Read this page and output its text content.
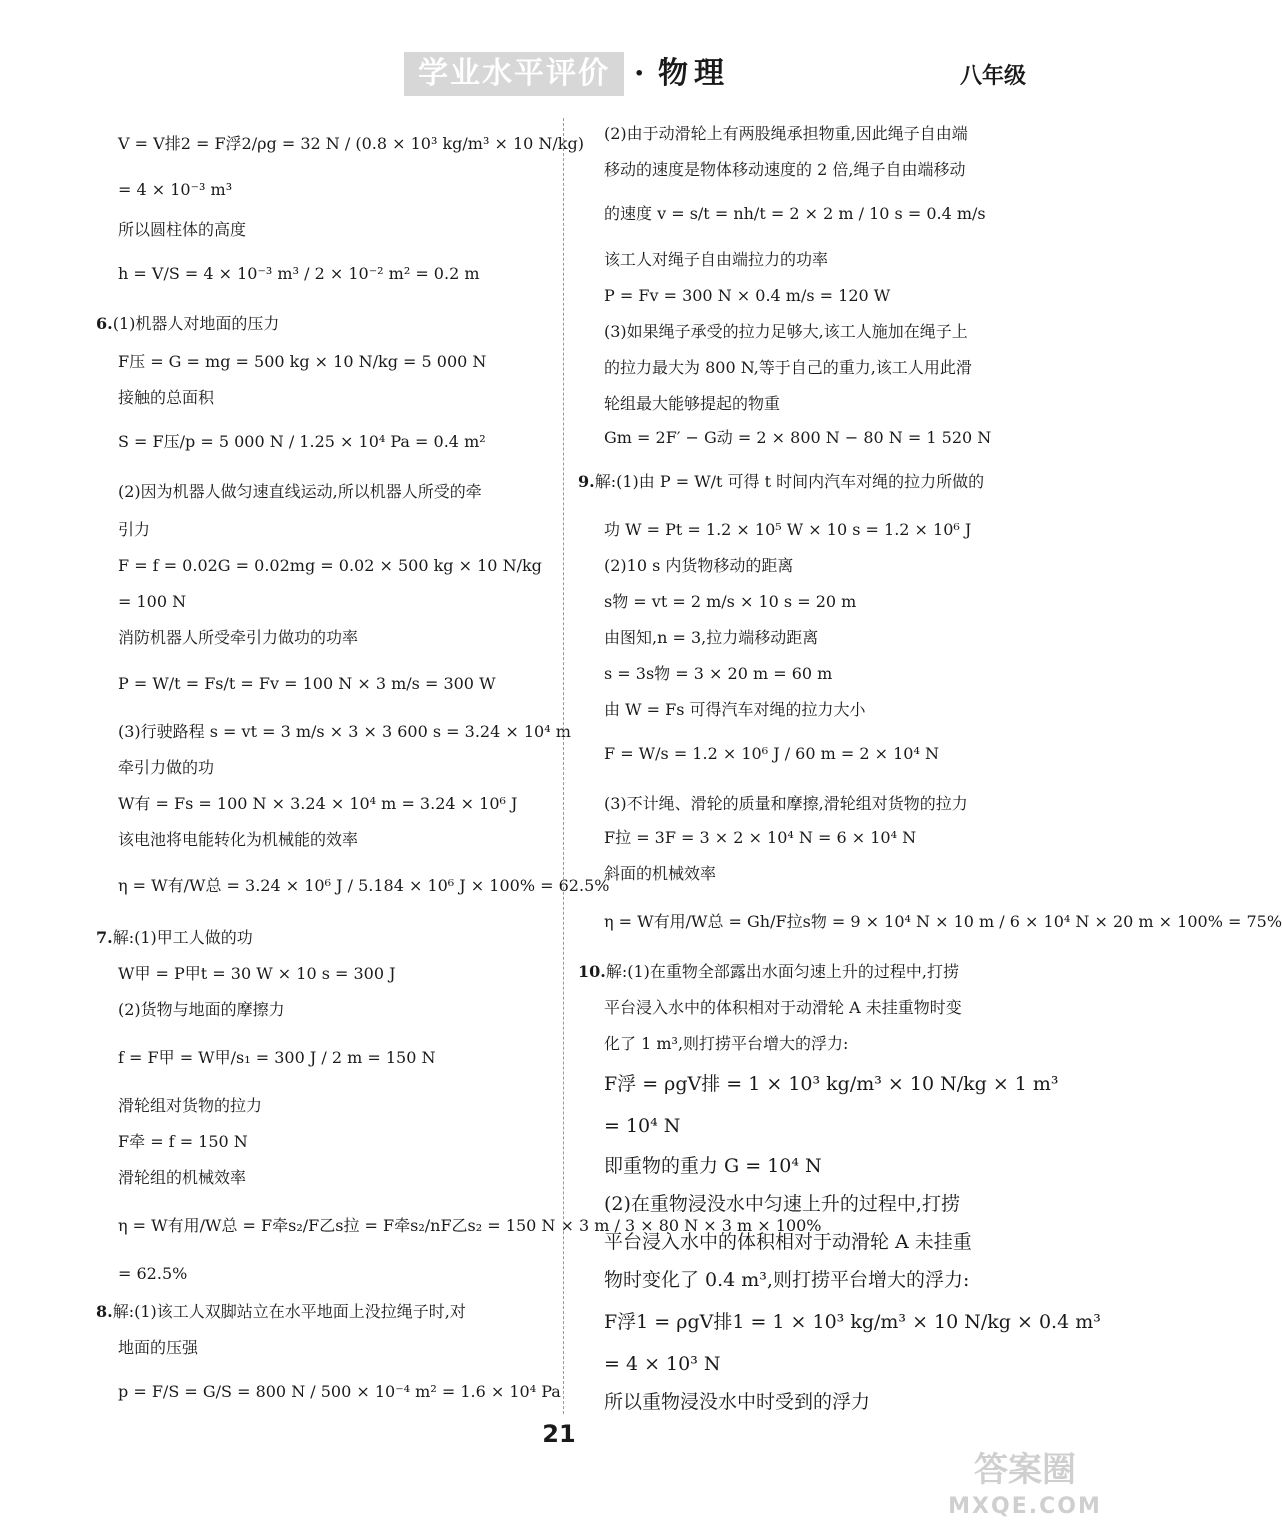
学业水平评价 · 物理	八年级
V = V排2 = F浮2/ρg = 32 N / (0.8 × 10³ kg/m³ × 10 N/kg)
= 4 × 10⁻³ m³
所以圆柱体的高度
h = V/S = 4 × 10⁻³ m³ / 2 × 10⁻² m² = 0.2 m
6.(1)机器人对地面的压力
F压 = G = mg = 500 kg × 10 N/kg = 5 000 N
接触的总面积
S = F压/p = 5 000 N / 1.25 × 10⁴ Pa = 0.4 m²
(2)因为机器人做匀速直线运动,所以机器人所受的牵
引力
F = f = 0.02G = 0.02mg = 0.02 × 500 kg × 10 N/kg
= 100 N
消防机器人所受牵引力做功的功率
P = W/t = Fs/t = Fv = 100 N × 3 m/s = 300 W
(3)行驶路程 s = vt = 3 m/s × 3 × 3 600 s = 3.24 × 10⁴ m
牵引力做的功
W有 = Fs = 100 N × 3.24 × 10⁴ m = 3.24 × 10⁶ J
该电池将电能转化为机械能的效率
η = W有/W总 = 3.24 × 10⁶ J / 5.184 × 10⁶ J × 100% = 62.5%
7.解:(1)甲工人做的功
W甲 = P甲t = 30 W × 10 s = 300 J
(2)货物与地面的摩擦力
f = F甲 = W甲/s₁ = 300 J / 2 m = 150 N
滑轮组对货物的拉力
F牵 = f = 150 N
滑轮组的机械效率
η = W有用/W总 = F牵s₂/F乙s拉 = F牵s₂/nF乙s₂ = 150 N × 3 m / 3 × 80 N × 3 m × 100%
= 62.5%
8.解:(1)该工人双脚站立在水平地面上没拉绳子时,对
地面的压强
p = F/S = G/S = 800 N / 500 × 10⁻⁴ m² = 1.6 × 10⁴ Pa
(2)由于动滑轮上有两股绳承担物重,因此绳子自由端
移动的速度是物体移动速度的 2 倍,绳子自由端移动
的速度 v = s/t = nh/t = 2 × 2 m / 10 s = 0.4 m/s
该工人对绳子自由端拉力的功率
P = Fv = 300 N × 0.4 m/s = 120 W
(3)如果绳子承受的拉力足够大,该工人施加在绳子上
的拉力最大为 800 N,等于自己的重力,该工人用此滑
轮组最大能够提起的物重
Gm = 2F′ − G动 = 2 × 800 N − 80 N = 1 520 N
9.解:(1)由 P = W/t 可得 t 时间内汽车对绳的拉力所做的
功 W = Pt = 1.2 × 10⁵ W × 10 s = 1.2 × 10⁶ J
(2)10 s 内货物移动的距离
s物 = vt = 2 m/s × 10 s = 20 m
由图知,n = 3,拉力端移动距离
s = 3s物 = 3 × 20 m = 60 m
由 W = Fs 可得汽车对绳的拉力大小
F = W/s = 1.2 × 10⁶ J / 60 m = 2 × 10⁴ N
(3)不计绳、滑轮的质量和摩擦,滑轮组对货物的拉力
F拉 = 3F = 3 × 2 × 10⁴ N = 6 × 10⁴ N
斜面的机械效率
η = W有用/W总 = Gh/F拉s物 = 9 × 10⁴ N × 10 m / 6 × 10⁴ N × 20 m × 100% = 75%
10.解:(1)在重物全部露出水面匀速上升的过程中,打捞
平台浸入水中的体积相对于动滑轮 A 未挂重物时变
化了 1 m³,则打捞平台增大的浮力:
F浮 = ρgV排 = 1 × 10³ kg/m³ × 10 N/kg × 1 m³
= 10⁴ N
即重物的重力 G = 10⁴ N
(2)在重物浸没水中匀速上升的过程中,打捞
平台浸入水中的体积相对于动滑轮 A 未挂重
物时变化了 0.4 m³,则打捞平台增大的浮力:
F浮1 = ρgV排1 = 1 × 10³ kg/m³ × 10 N/kg × 0.4 m³
= 4 × 10³ N
所以重物浸没水中时受到的浮力
21
答案圈
MXQE.COM
